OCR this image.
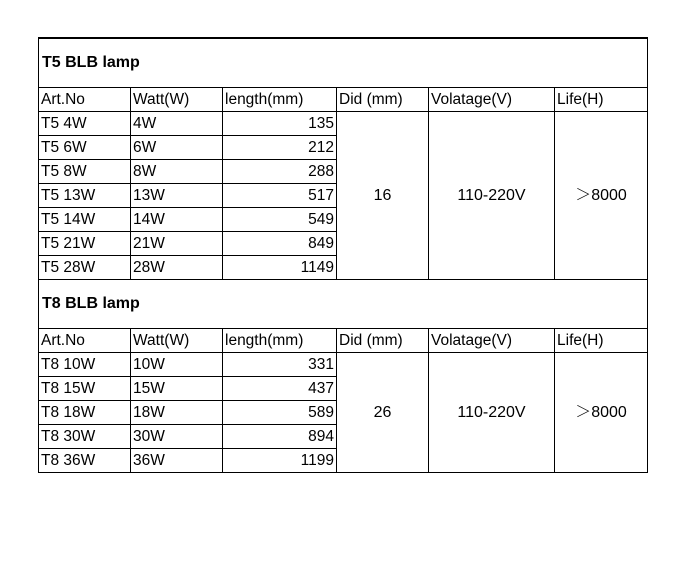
T5 BLB lamp					
Art.No	Watt(W)	length(mm)	Did (mm)	Volatage(V)	Life(H)
T5 4W	4W	135	16	110-220V	＞8000
T5 6W	6W	212			
T5 8W	8W	288			
T5 13W	13W	517			
T5 14W	14W	549			
T5 21W	21W	849			
T5 28W	28W	1149			
T8 BLB lamp					
Art.No	Watt(W)	length(mm)	Did (mm)	Volatage(V)	Life(H)
T8 10W	10W	331	26	110-220V	＞8000
T8 15W	15W	437			
T8 18W	18W	589			
T8 30W	30W	894			
T8 36W	36W	1199			
